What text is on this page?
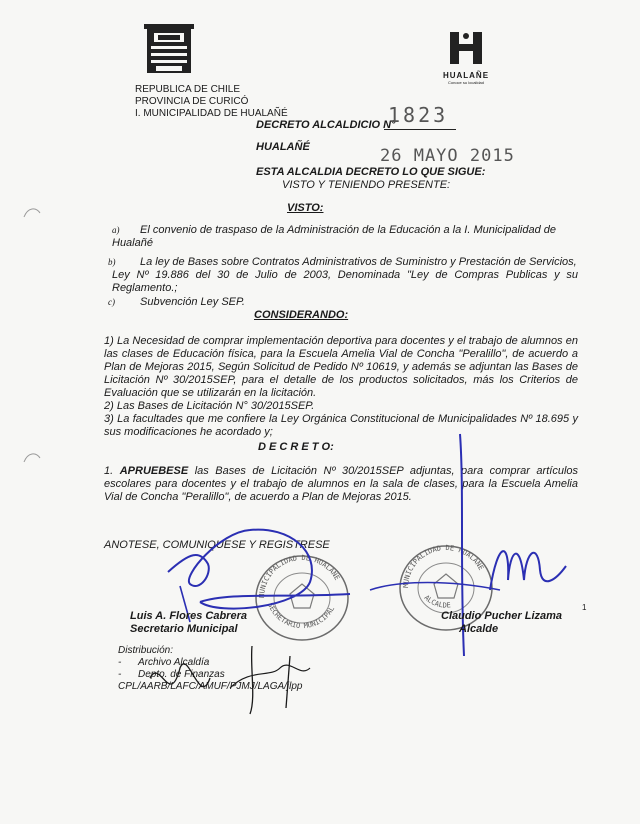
HUALAÑE
Conoce su localidad
REPUBLICA DE CHILE
PROVINCIA DE CURICÓ
I. MUNICIPALIDAD DE HUALAÑÉ
DECRETO ALCALDICIO N°
1823
HUALAÑÉ	26 MAYO 2015
ESTA ALCALDIA DECRETO LO QUE SIGUE:
VISTO Y TENIENDO PRESENTE:
VISTO:
a) El convenio de traspaso de la Administración de la Educación a la I. Municipalidad de
Hualañé
b) La ley de Bases sobre Contratos Administrativos de Suministro y Prestación de Servicios,
Ley Nº 19.886 del 30 de Julio de 2003, Denominada "Ley de Compras Publicas y su Reglamento.;
c) Subvención Ley SEP.
CONSIDERANDO:
1) La Necesidad de comprar implementación deportiva para docentes y el trabajo de alumnos en las clases de Educación física, para la Escuela Amelia Vial de Concha "Peralillo", de acuerdo a Plan de Mejoras 2015, Según Solicitud de Pedido Nº 10619, y además se adjuntan las Bases de Licitación Nº 30/2015SEP, para el detalle de los productos solicitados, más los Criterios de Evaluación que se utilizarán en la licitación.
2) Las Bases de Licitación N° 30/2015SEP.
3) La facultades que me confiere la Ley Orgánica Constitucional de Municipalidades Nº 18.695 y sus modificaciones he acordado y;
D E C R E T O:
1. APRUEBESE las Bases de Licitación Nº 30/2015SEP adjuntas, para comprar artículos escolares para docentes y el trabajo de alumnos en la sala de clases, para la Escuela Amelia Vial de Concha "Peralillo", de acuerdo a Plan de Mejoras 2015.
ANOTESE, COMUNIQUESE Y REGISTRESE
MUNICIPALIDAD DE HUALAÑE
SECRETARIO MUNICIPAL
MUNICIPALIDAD DE HUALAÑE
ALCALDE
Luis A. Flores Cabrera
Secretario Municipal
Claudio Pucher Lizama
Alcalde
1
Distribución:
- Archivo Alcaldía
- Depto. de Finanzas
CPL/AARB/LAFC/AMUF/PJMJ/LAGA/jlpp
